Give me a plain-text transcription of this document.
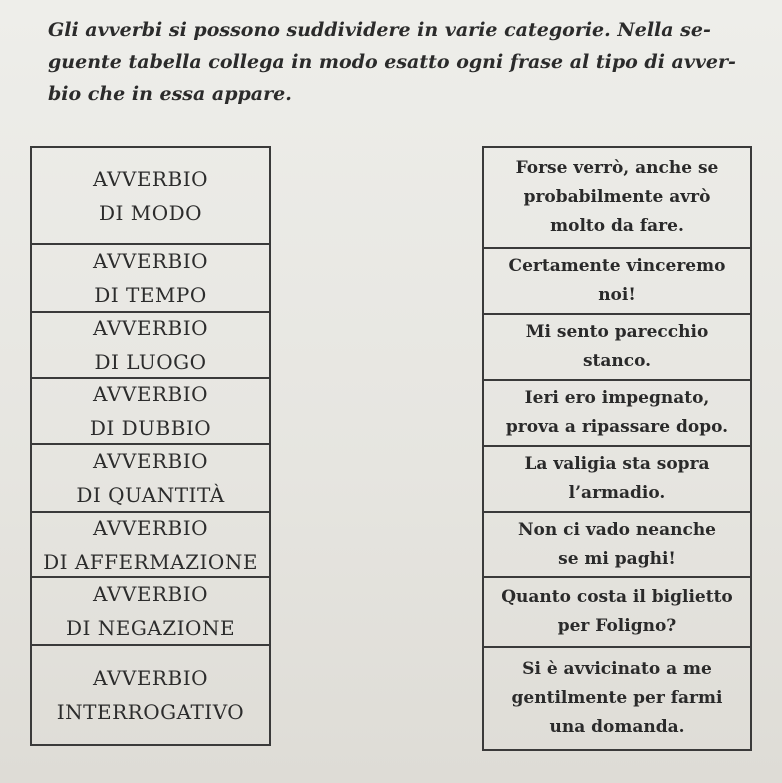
Gli avverbi si possono suddividere in varie categorie. Nella se-
guente tabella collega in modo esatto ogni frase al tipo di avver-
bio che in essa appare.

AVVERBIO
DI MODO
AVVERBIO
DI TEMPO
AVVERBIO
DI LUOGO
AVVERBIO
DI DUBBIO
AVVERBIO
DI QUANTITÀ
AVVERBIO
DI AFFERMAZIONE
AVVERBIO
DI NEGAZIONE
AVVERBIO
INTERROGATIVO
Forse verrò, anche se
probabilmente avrò
molto da fare.
Certamente vinceremo
noi!
Mi sento parecchio
stanco.
Ieri ero impegnato,
prova a ripassare dopo.
La valigia sta sopra
l’armadio.
Non ci vado neanche
se mi paghi!
Quanto costa il biglietto
per Foligno?
Si è avvicinato a me
gentilmente per farmi
una domanda.
